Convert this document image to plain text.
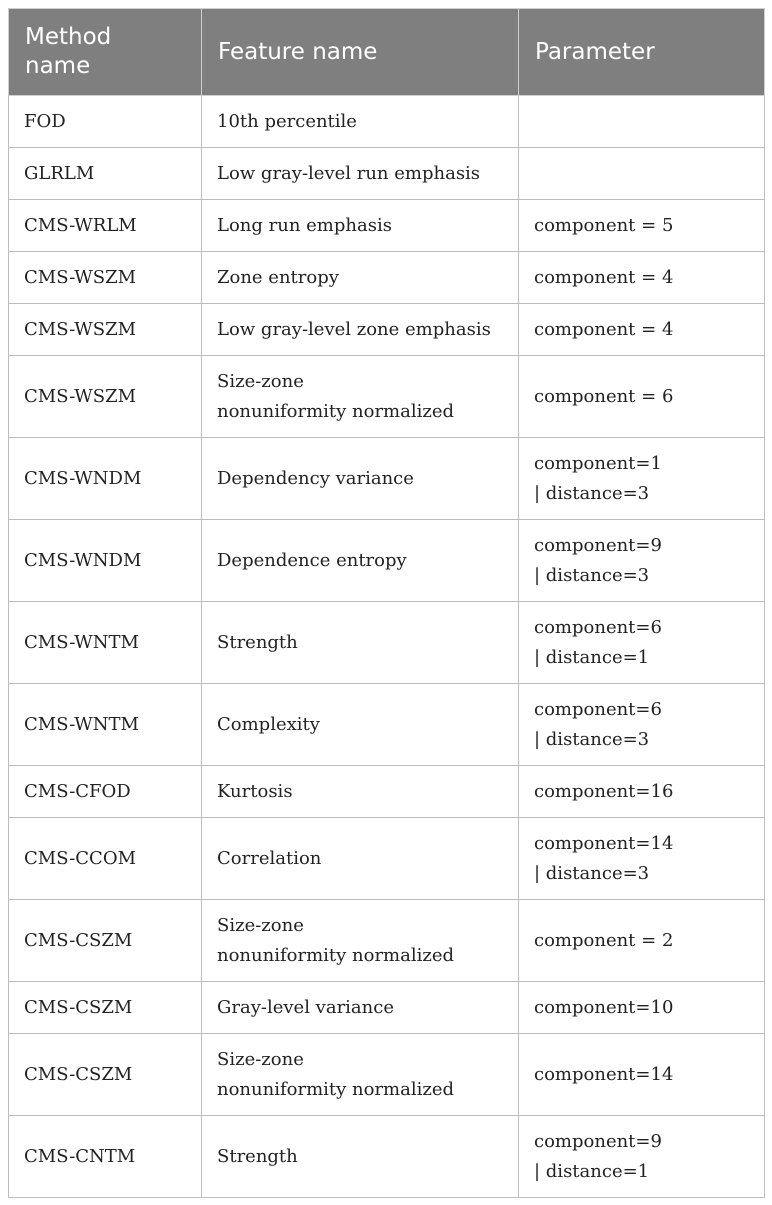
Method
name	Feature name	Parameter
FOD	10th percentile	
GLRLM	Low gray-level run emphasis	
CMS-WRLM	Long run emphasis	component = 5
CMS-WSZM	Zone entropy	component = 4
CMS-WSZM	Low gray-level zone emphasis	component = 4
CMS-WSZM	Size-zone
nonuniformity normalized	component = 6
CMS-WNDM	Dependency variance	component=1
| distance=3
CMS-WNDM	Dependence entropy	component=9
| distance=3
CMS-WNTM	Strength	component=6
| distance=1
CMS-WNTM	Complexity	component=6
| distance=3
CMS-CFOD	Kurtosis	component=16
CMS-CCOM	Correlation	component=14
| distance=3
CMS-CSZM	Size-zone
nonuniformity normalized	component = 2
CMS-CSZM	Gray-level variance	component=10
CMS-CSZM	Size-zone
nonuniformity normalized	component=14
CMS-CNTM	Strength	component=9
| distance=1
